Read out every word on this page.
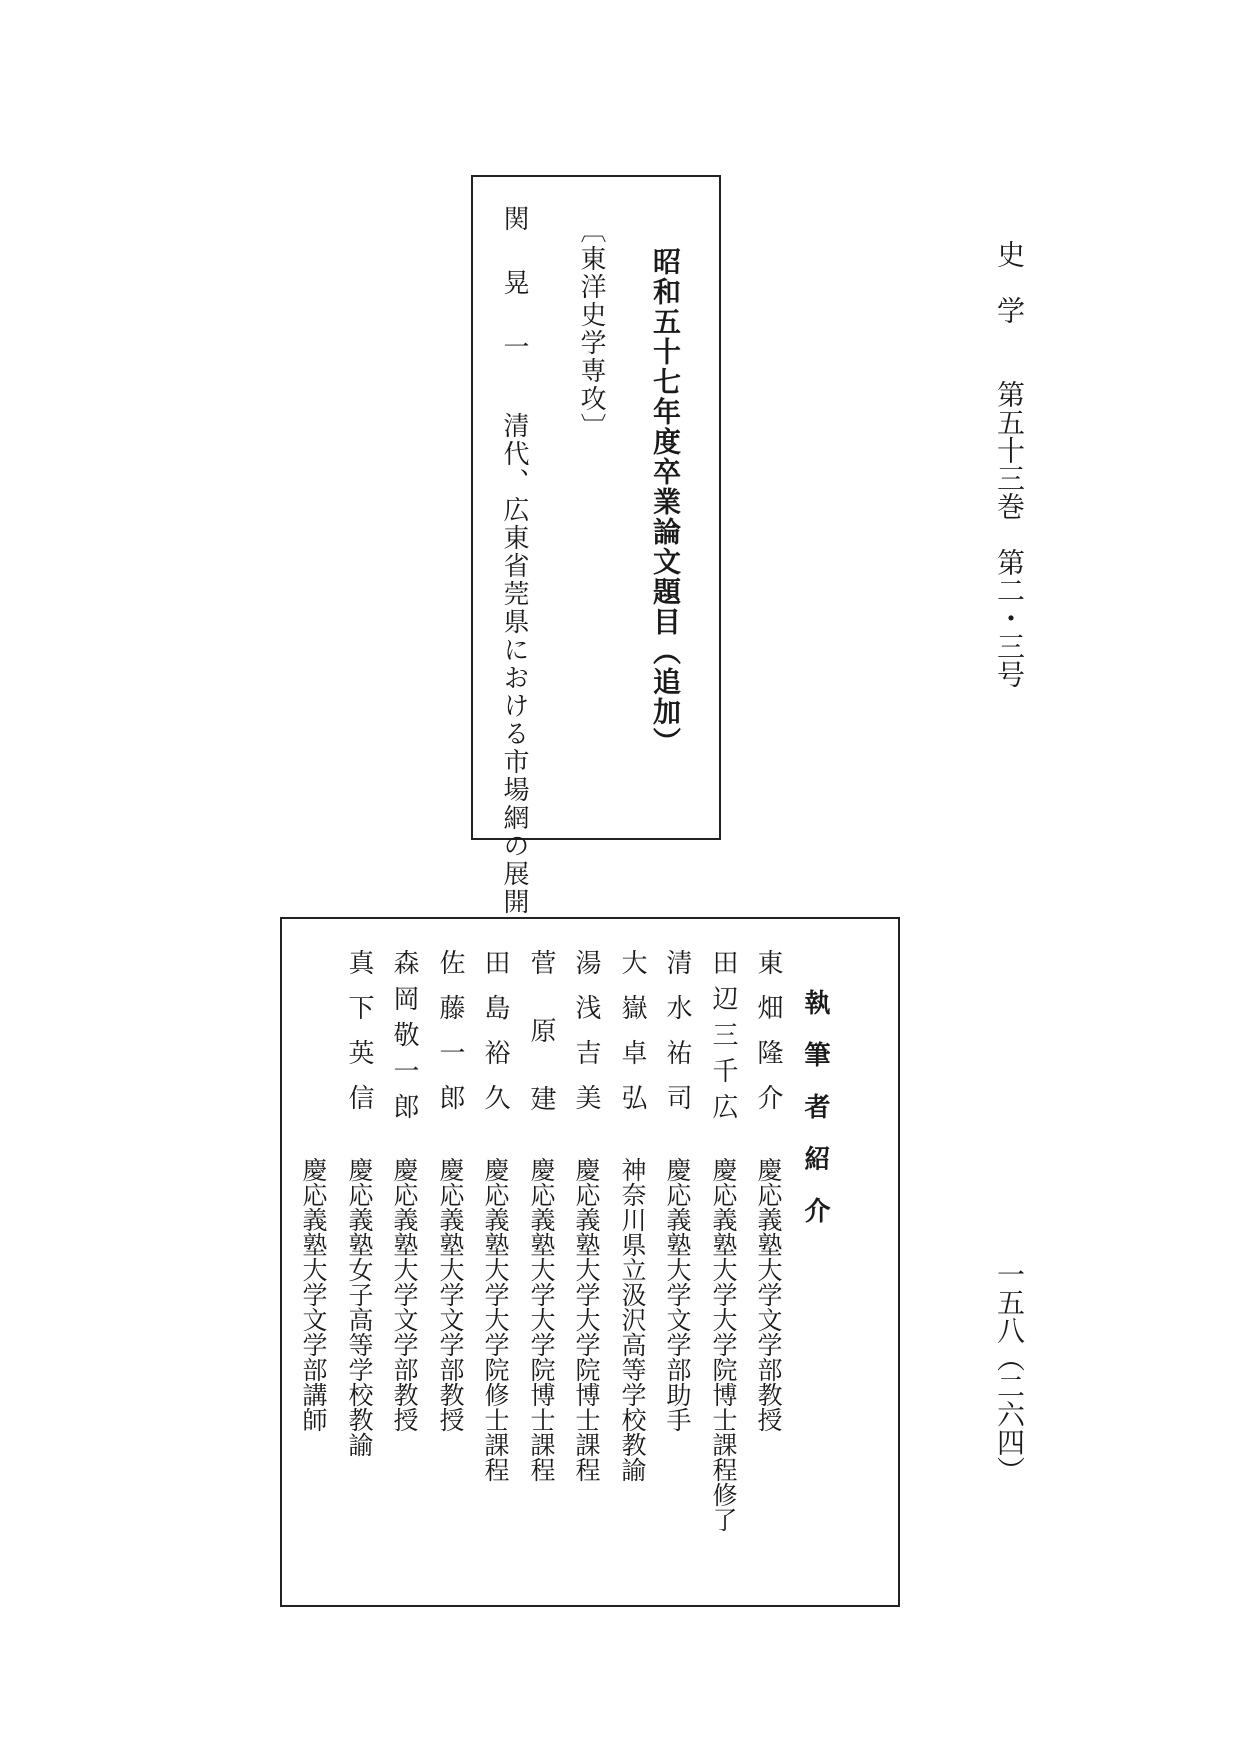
史　学
第五十三巻　第二・三号
一五八（二六四）
昭和五十七年度卒業論文題目（追加）
〔東洋史学専攻〕
関晃一
清代、広東省莞県における市場網の展開
執筆者紹介
東畑隆介
慶応義塾大学文学部教授
田辺三千広
慶応義塾大学大学院博士課程修了
清水祐司
慶応義塾大学文学部助手
大嶽卓弘
神奈川県立汲沢高等学校教諭
湯浅吉美
慶応義塾大学大学院博士課程
菅原建
慶応義塾大学大学院博士課程
田島裕久
慶応義塾大学大学院修士課程
佐藤一郎
慶応義塾大学文学部教授
森岡敬一郎
慶応義塾大学文学部教授
真下英信
慶応義塾女子高等学校教諭
慶応義塾大学文学部講師
